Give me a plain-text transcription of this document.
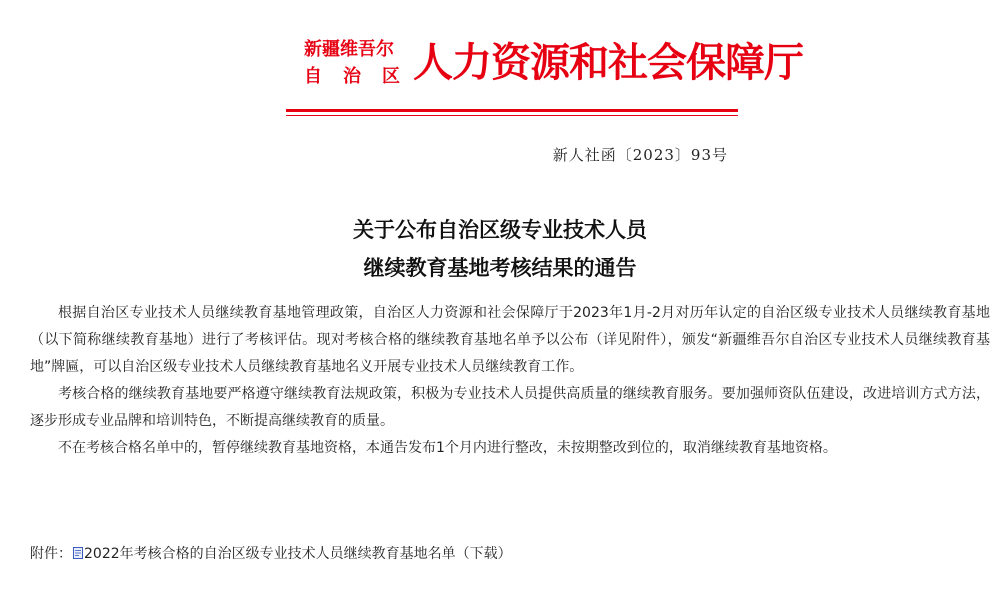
新疆维吾尔
自 治 区 人力资源和社会保障厅
新人社函〔2023〕93号
关于公布自治区级专业技术人员
继续教育基地考核结果的通告

根据自治区专业技术人员继续教育基地管理政策，自治区人力资源和社会保障厅于2023年1月-2月对历年认定的自治区级专业技术人员继续教育基地（以下简称继续教育基地）进行了考核评估。现对考核合格的继续教育基地名单予以公布（详见附件），颁发“新疆维吾尔自治区专业技术人员继续教育基地”牌匾，可以自治区级专业技术人员继续教育基地名义开展专业技术人员继续教育工作。

考核合格的继续教育基地要严格遵守继续教育法规政策，积极为专业技术人员提供高质量的继续教育服务。要加强师资队伍建设，改进培训方式方法，逐步形成专业品牌和培训特色，不断提高继续教育的质量。

不在考核合格名单中的，暂停继续教育基地资格，本通告发布1个月内进行整改，未按期整改到位的，取消继续教育基地资格。

附件： 2022年考核合格的自治区级专业技术人员继续教育基地名单（下载）
